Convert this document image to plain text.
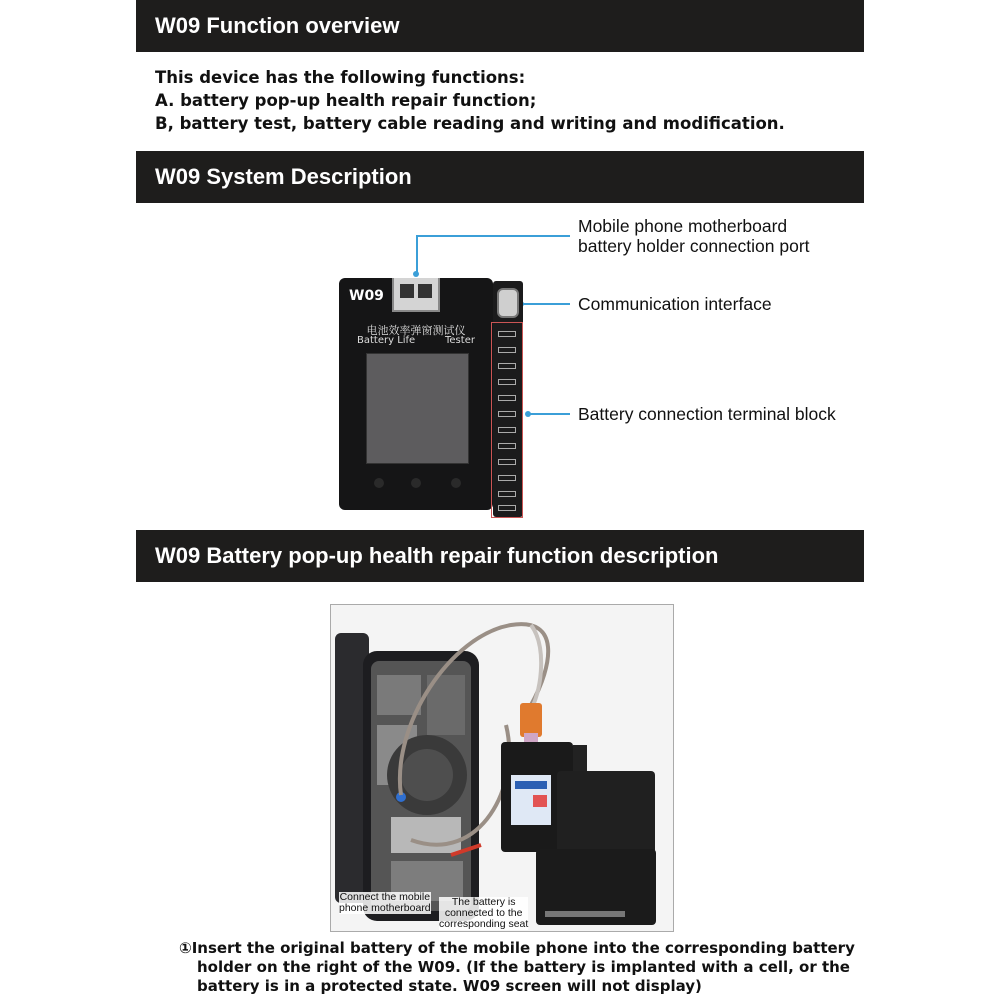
W09 Function overview
This device has the following functions:
A. battery pop-up health repair function;
B, battery test, battery cable reading and writing and modification.
W09 System Description
Mobile phone motherboard
battery holder connection port
Communication interface
Battery connection terminal block
W09
电池效率弹窗测试仪
Battery Life	Tester
W09 Battery pop-up health repair function description
Connect the mobile
phone motherboard	The battery is
connected to the
corresponding seat
①Insert the original battery of the mobile phone into the corresponding battery
holder on the right of the W09. (If the battery is implanted with a cell, or the
battery is in a protected state. W09 screen will not display)
